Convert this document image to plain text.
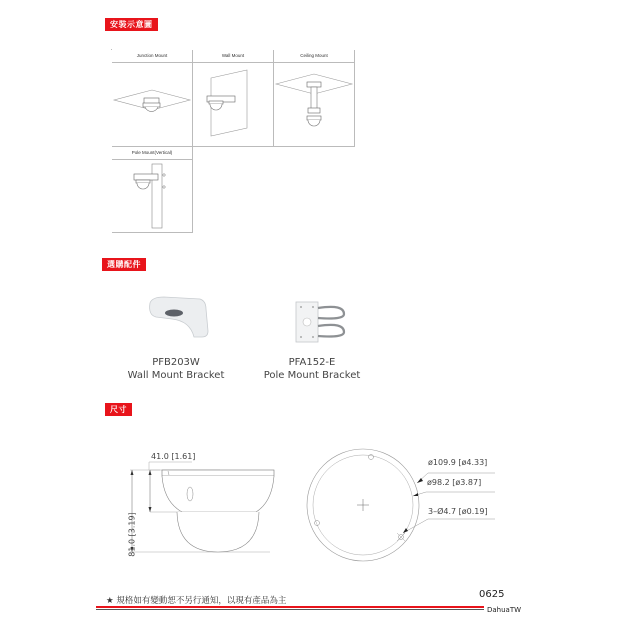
安裝示意圖
Junction Mount	Wall Mount	Ceiling Mount
Pole Mount(Vertical)
選購配件
PFB203W
Wall Mount Bracket
PFA152-E
Pole Mount Bracket
尺寸
41.0 [1.61]
81.0 [3.19]
ø109.9 [ø4.33]
ø98.2 [ø3.87]
3–Ø4.7 [ø0.19]
★ 規格如有變動恕不另行通知，以現有產品為主
0625
DahuaTW
